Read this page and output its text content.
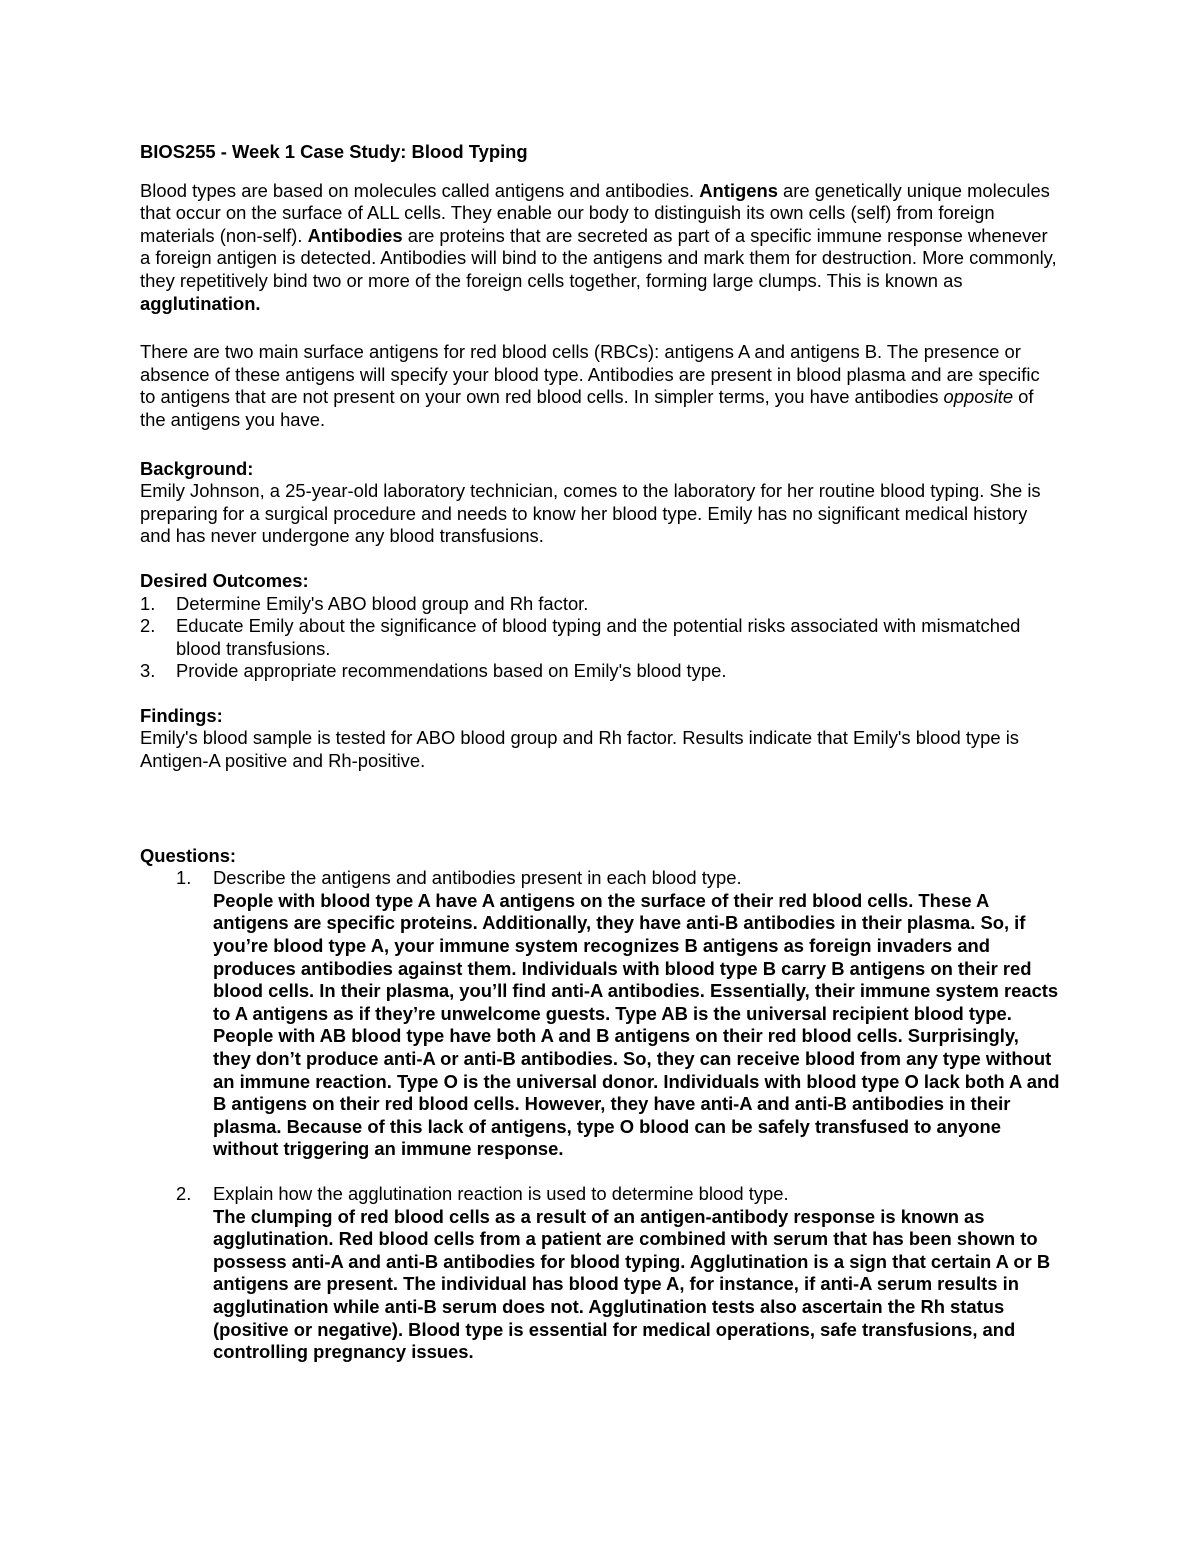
BIOS255 - Week 1 Case Study: Blood Typing

Blood types are based on molecules called antigens and antibodies. Antigens are genetically unique molecules that occur on the surface of ALL cells. They enable our body to distinguish its own cells (self) from foreign materials (non-self). Antibodies are proteins that are secreted as part of a specific immune response whenever a foreign antigen is detected. Antibodies will bind to the antigens and mark them for destruction. More commonly, they repetitively bind two or more of the foreign cells together, forming large clumps. This is known as agglutination.

There are two main surface antigens for red blood cells (RBCs): antigens A and antigens B. The presence or absence of these antigens will specify your blood type. Antibodies are present in blood plasma and are specific to antigens that are not present on your own red blood cells. In simpler terms, you have antibodies opposite of the antigens you have.

Background:

Emily Johnson, a 25-year-old laboratory technician, comes to the laboratory for her routine blood typing. She is preparing for a surgical procedure and needs to know her blood type. Emily has no significant medical history and has never undergone any blood transfusions.

Desired Outcomes:

1. Determine Emily's ABO blood group and Rh factor.
2. Educate Emily about the significance of blood typing and the potential risks associated with mismatched blood transfusions.
3. Provide appropriate recommendations based on Emily's blood type.

Findings:

Emily's blood sample is tested for ABO blood group and Rh factor. Results indicate that Emily's blood type is Antigen-A positive and Rh-positive.

Questions:

1. Describe the antigens and antibodies present in each blood type.

People with blood type A have A antigens on the surface of their red blood cells. These A antigens are specific proteins. Additionally, they have anti-B antibodies in their plasma. So, if you’re blood type A, your immune system recognizes B antigens as foreign invaders and produces antibodies against them. Individuals with blood type B carry B antigens on their red blood cells. In their plasma, you’ll find anti-A antibodies. Essentially, their immune system reacts to A antigens as if they’re unwelcome guests. Type AB is the universal recipient blood type. People with AB blood type have both A and B antigens on their red blood cells. Surprisingly, they don’t produce anti-A or anti-B antibodies. So, they can receive blood from any type without an immune reaction. Type O is the universal donor. Individuals with blood type O lack both A and B antigens on their red blood cells. However, they have anti-A and anti-B antibodies in their plasma. Because of this lack of antigens, type O blood can be safely transfused to anyone without triggering an immune response.

2. Explain how the agglutination reaction is used to determine blood type.

The clumping of red blood cells as a result of an antigen-antibody response is known as agglutination. Red blood cells from a patient are combined with serum that has been shown to possess anti-A and anti-B antibodies for blood typing. Agglutination is a sign that certain A or B antigens are present. The individual has blood type A, for instance, if anti-A serum results in agglutination while anti-B serum does not. Agglutination tests also ascertain the Rh status (positive or negative). Blood type is essential for medical operations, safe transfusions, and controlling pregnancy issues.
